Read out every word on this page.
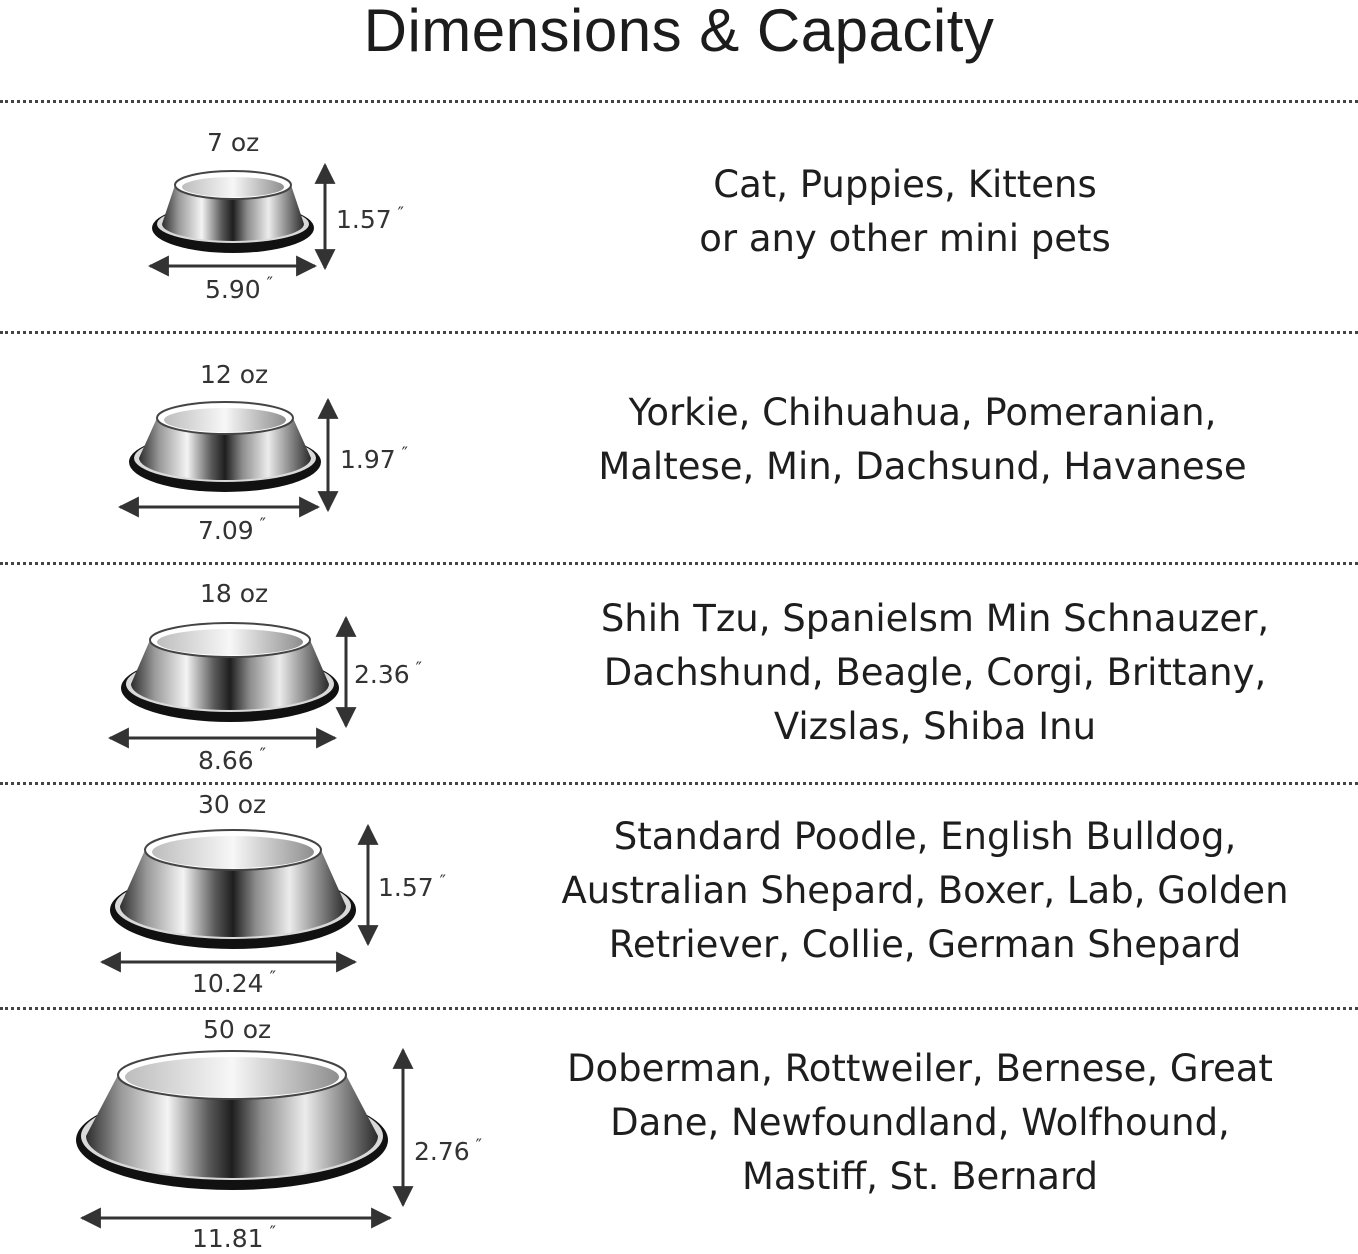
Dimensions & Capacity
7 oz
1.57 ″
5.90 ″
Cat, Puppies, Kittens
or any other mini pets
12 oz
1.97 ″
7.09 ″
Yorkie, Chihuahua, Pomeranian,
Maltese, Min, Dachsund, Havanese
18 oz
2.36 ″
8.66 ″
Shih Tzu, Spanielsm Min Schnauzer,
Dachshund, Beagle, Corgi, Brittany,
Vizslas, Shiba Inu
30 oz
1.57 ″
10.24 ″
Standard Poodle, English Bulldog,
Australian Shepard, Boxer, Lab, Golden
Retriever, Collie, German Shepard
50 oz
2.76 ″
11.81 ″
Doberman, Rottweiler, Bernese, Great
Dane, Newfoundland, Wolfhound,
Mastiff, St. Bernard
